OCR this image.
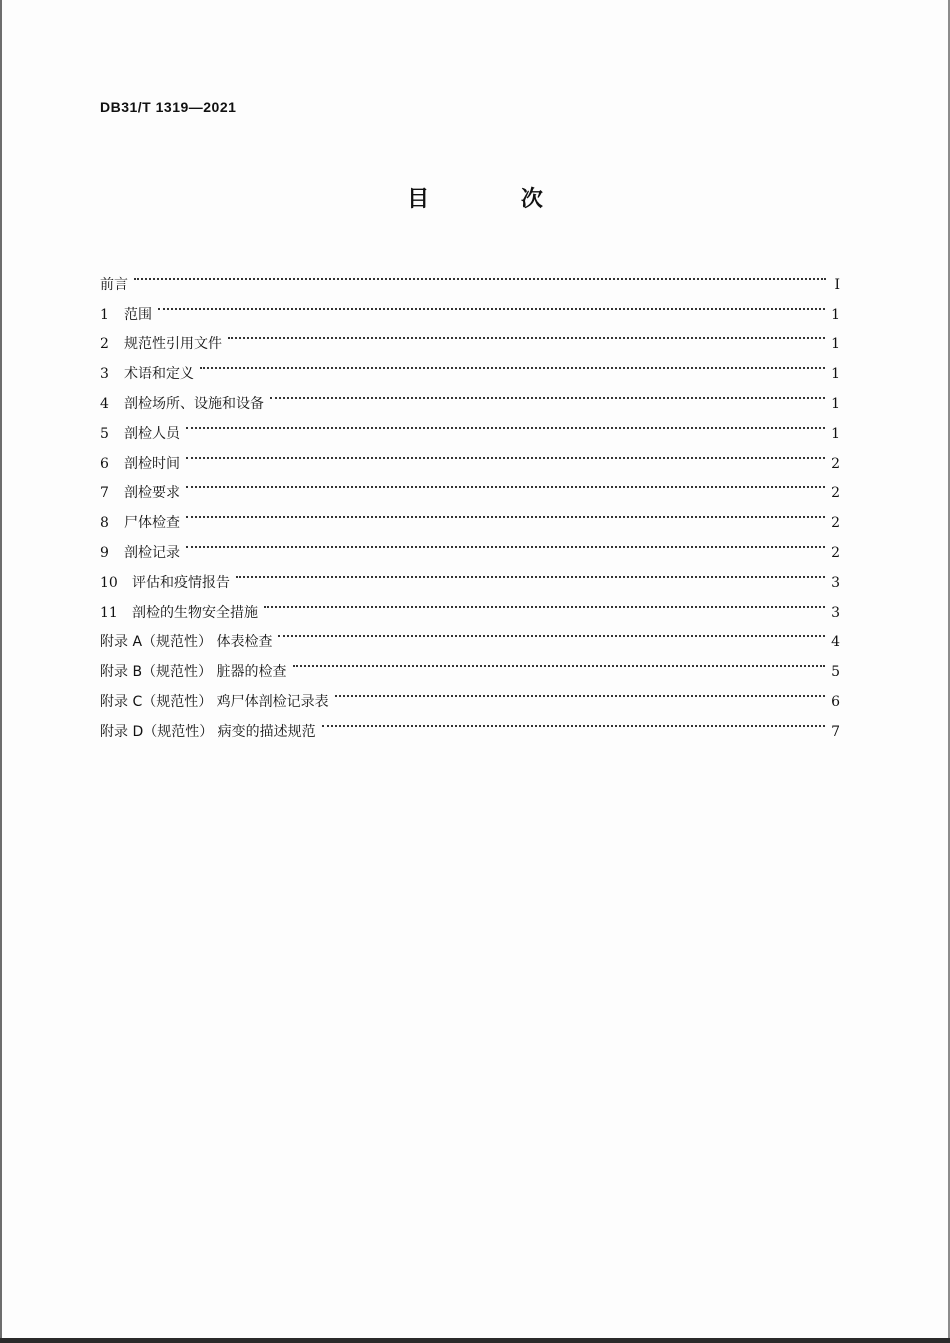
DB31/T 1319—2021
目 次
前言	I
1	范围	1
2	规范性引用文件	1
3	术语和定义	1
4	剖检场所、设施和设备	1
5	剖检人员	1
6	剖检时间	2
7	剖检要求	2
8	尸体检查	2
9	剖检记录	2
10	评估和疫情报告	3
11	剖检的生物安全措施	3
附录 A（规范性） 体表检查	4
附录 B（规范性） 脏器的检查	5
附录 C（规范性） 鸡尸体剖检记录表	6
附录 D（规范性） 病变的描述规范	7
